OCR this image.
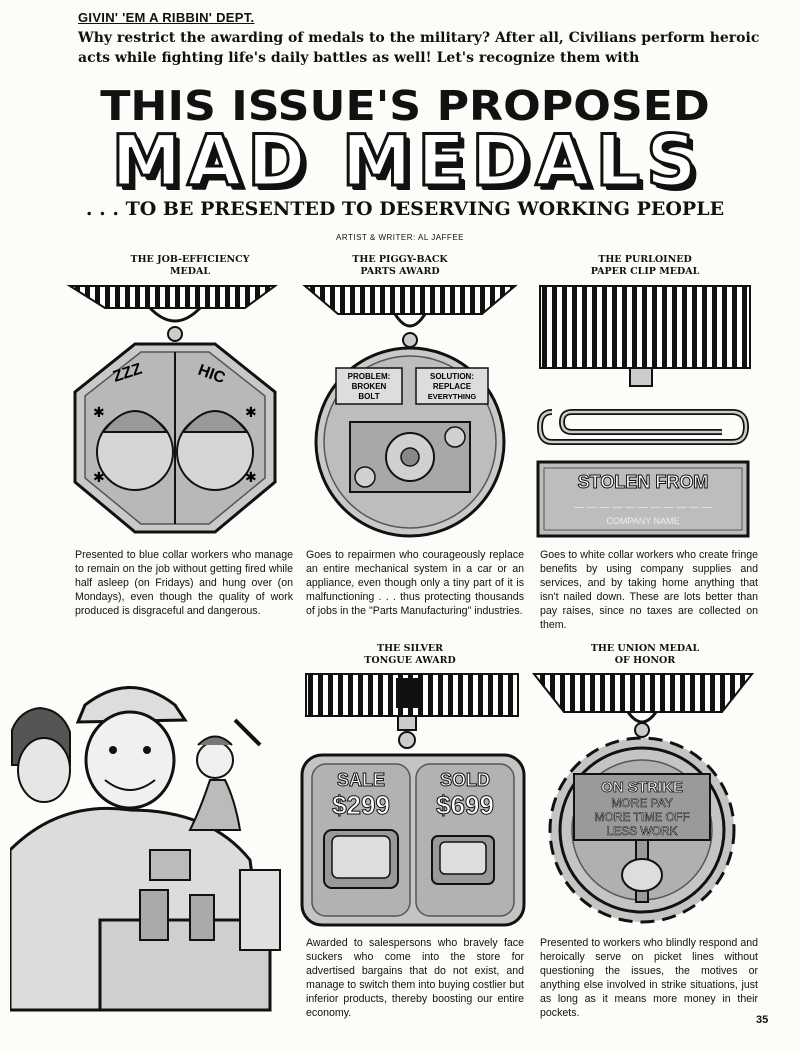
GIVIN' 'EM A RIBBIN' DEPT.
Why restrict the awarding of medals to the military? After all, Civilians perform heroic acts while fighting life's daily battles as well! Let's recognize them with
THIS ISSUE'S PROPOSED
MAD MEDALS
. . . TO BE PRESENTED TO DESERVING WORKING PEOPLE
ARTIST & WRITER: AL JAFFEE
THE JOB-EFFICIENCY
MEDAL
ZZZ	HIC
✱
✱
✱
✱
Presented to blue collar workers who manage to remain on the job without getting fired while half asleep (on Fridays) and hung over (on Mondays), even though the quality of work produced is disgraceful and dangerous.
THE PIGGY-BACK
PARTS AWARD
PROBLEM:
BROKEN
BOLT
SOLUTION:
REPLACE
EVERYTHING
Goes to repairmen who courageously replace an entire mechanical system in a car or an appliance, even though only a tiny part of it is malfunctioning . . . thus protecting thousands of jobs in the "Parts Manufacturing" industries.
THE PURLOINED
PAPER CLIP MEDAL
STOLEN FROM
— — — — — — — — — — —
COMPANY NAME
Goes to white collar workers who create fringe benefits by using company supplies and services, and by taking home anything that isn't nailed down. These are lots better than pay raises, since no taxes are collected on them.
THE SILVER
TONGUE AWARD
SALE
$299
SOLD
$699
Awarded to salespersons who bravely face suckers who come into the store for advertised bargains that do not exist, and manage to switch them into buying costlier but inferior products, thereby boosting our entire economy.
THE UNION MEDAL
OF HONOR
ON STRIKE
MORE PAY
MORE TIME OFF
LESS WORK
Presented to workers who blindly respond and heroically serve on picket lines without questioning the issues, the motives or anything else involved in strike situations, just as long as it means more money in their pockets.
35
